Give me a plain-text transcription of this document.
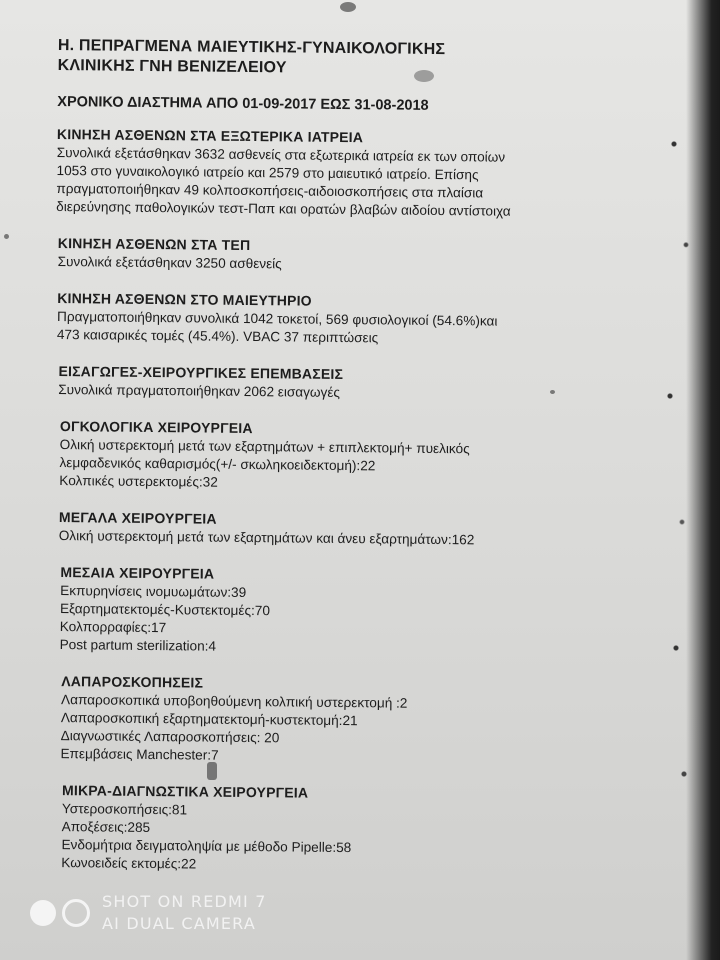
Η. ΠΕΠΡΑΓΜΕΝΑ ΜΑΙΕΥΤΙΚΗΣ-ΓΥΝΑΙΚΟΛΟΓΙΚΗΣ
ΚΛΙΝΙΚΗΣ ΓΝΗ ΒΕΝΙΖΕΛΕΙΟΥ
ΧΡΟΝΙΚΟ ΔΙΑΣΤΗΜΑ ΑΠΟ 01-09-2017 ΕΩΣ 31-08-2018
ΚΙΝΗΣΗ ΑΣΘΕΝΩΝ ΣΤΑ ΕΞΩΤΕΡΙΚΑ ΙΑΤΡΕΙΑ
Συνολικά εξετάσθηκαν 3632 ασθενείς στα εξωτερικά ιατρεία εκ των οποίων
1053 στο γυναικολογικό ιατρείο και 2579 στο μαιευτικό ιατρείο. Επίσης
πραγματοποιήθηκαν 49 κολποσκοπήσεις-αιδοιοσκοπήσεις στα πλαίσια
διερεύνησης παθολογικών τεστ-Παπ και ορατών βλαβών αιδοίου αντίστοιχα
ΚΙΝΗΣΗ ΑΣΘΕΝΩΝ ΣΤΑ ΤΕΠ
Συνολικά εξετάσθηκαν 3250 ασθενείς
ΚΙΝΗΣΗ ΑΣΘΕΝΩΝ ΣΤΟ ΜΑΙΕΥΤΗΡΙΟ
Πραγματοποιήθηκαν συνολικά 1042 τοκετοί, 569 φυσιολογικοί (54.6%)και
473 καισαρικές τομές (45.4%). VBAC 37 περιπτώσεις
ΕΙΣΑΓΩΓΕΣ-ΧΕΙΡΟΥΡΓΙΚΕΣ ΕΠΕΜΒΑΣΕΙΣ
Συνολικά πραγματοποιήθηκαν 2062 εισαγωγές
ΟΓΚΟΛΟΓΙΚΑ ΧΕΙΡΟΥΡΓΕΙΑ
Ολική υστερεκτομή μετά των εξαρτημάτων + επιπλεκτομή+ πυελικός
λεμφαδενικός καθαρισμός(+/- σκωληκοειδεκτομή):22
Κολπικές υστερεκτομές:32
ΜΕΓΑΛΑ ΧΕΙΡΟΥΡΓΕΙΑ
Ολική υστερεκτομή μετά των εξαρτημάτων και άνευ εξαρτημάτων:162
ΜΕΣΑΙΑ ΧΕΙΡΟΥΡΓΕΙΑ
Εκπυρηνίσεις ινομυωμάτων:39
Εξαρτηματεκτομές-Κυστεκτομές:70
Κολπορραφίες:17
Post partum sterilization:4
ΛΑΠΑΡΟΣΚΟΠΗΣΕΙΣ
Λαπαροσκοπικά υποβοηθούμενη κολπική υστερεκτομή :2
Λαπαροσκοπική εξαρτηματεκτομή-κυστεκτομή:21
Διαγνωστικές Λαπαροσκοπήσεις: 20
Επεμβάσεις Manchester:7
ΜΙΚΡΑ-ΔΙΑΓΝΩΣΤΙΚΑ ΧΕΙΡΟΥΡΓΕΙΑ
Υστεροσκοπήσεις:81
Αποξέσεις:285
Ενδομήτρια δειγματοληψία με μέθοδο Pipelle:58
Κωνοειδείς εκτομές:22
SHOT ON REDMI 7
AI DUAL CAMERA
